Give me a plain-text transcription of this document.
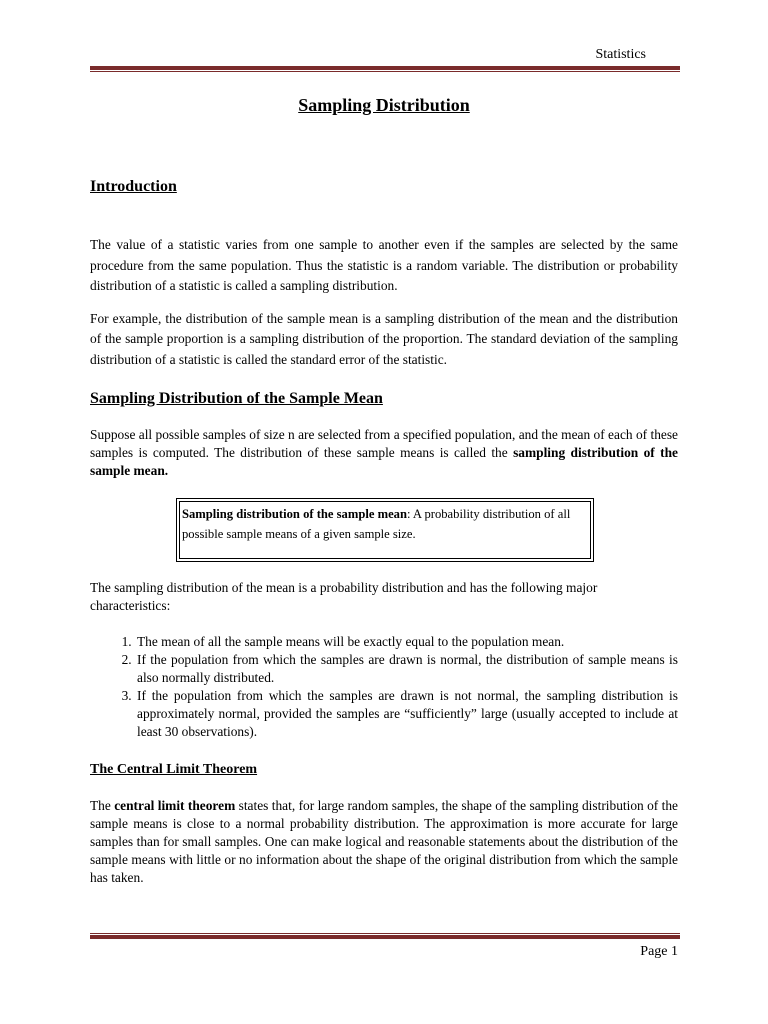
Statistics
Sampling Distribution
Introduction

The value of a statistic varies from one sample to another even if the samples are selected by the same procedure from the same population. Thus the statistic is a random variable. The distribution or probability distribution of a statistic is called a sampling distribution.

For example, the distribution of the sample mean is a sampling distribution of the mean and the distribution of the sample proportion is a sampling distribution of the proportion. The standard deviation of the sampling distribution of a statistic is called the standard error of the statistic.

Sampling Distribution of the Sample Mean

Suppose all possible samples of size n are selected from a specified population, and the mean of each of these samples is computed. The distribution of these sample means is called the sampling distribution of the sample mean.

Sampling distribution of the sample mean: A probability distribution of all possible sample means of a given sample size.

The sampling distribution of the mean is a probability distribution and has the following major characteristics:

1. The mean of all the sample means will be exactly equal to the population mean.
2. If the population from which the samples are drawn is normal, the distribution of sample means is also normally distributed.
3. If the population from which the samples are drawn is not normal, the sampling distribution is approximately normal, provided the samples are “sufficiently” large (usually accepted to include at least 30 observations).
The Central Limit Theorem

The central limit theorem states that, for large random samples, the shape of the sampling distribution of the sample means is close to a normal probability distribution. The approximation is more accurate for large samples than for small samples. One can make logical and reasonable statements about the distribution of the sample means with little or no information about the shape of the original distribution from which the sample has taken.

Page 1
